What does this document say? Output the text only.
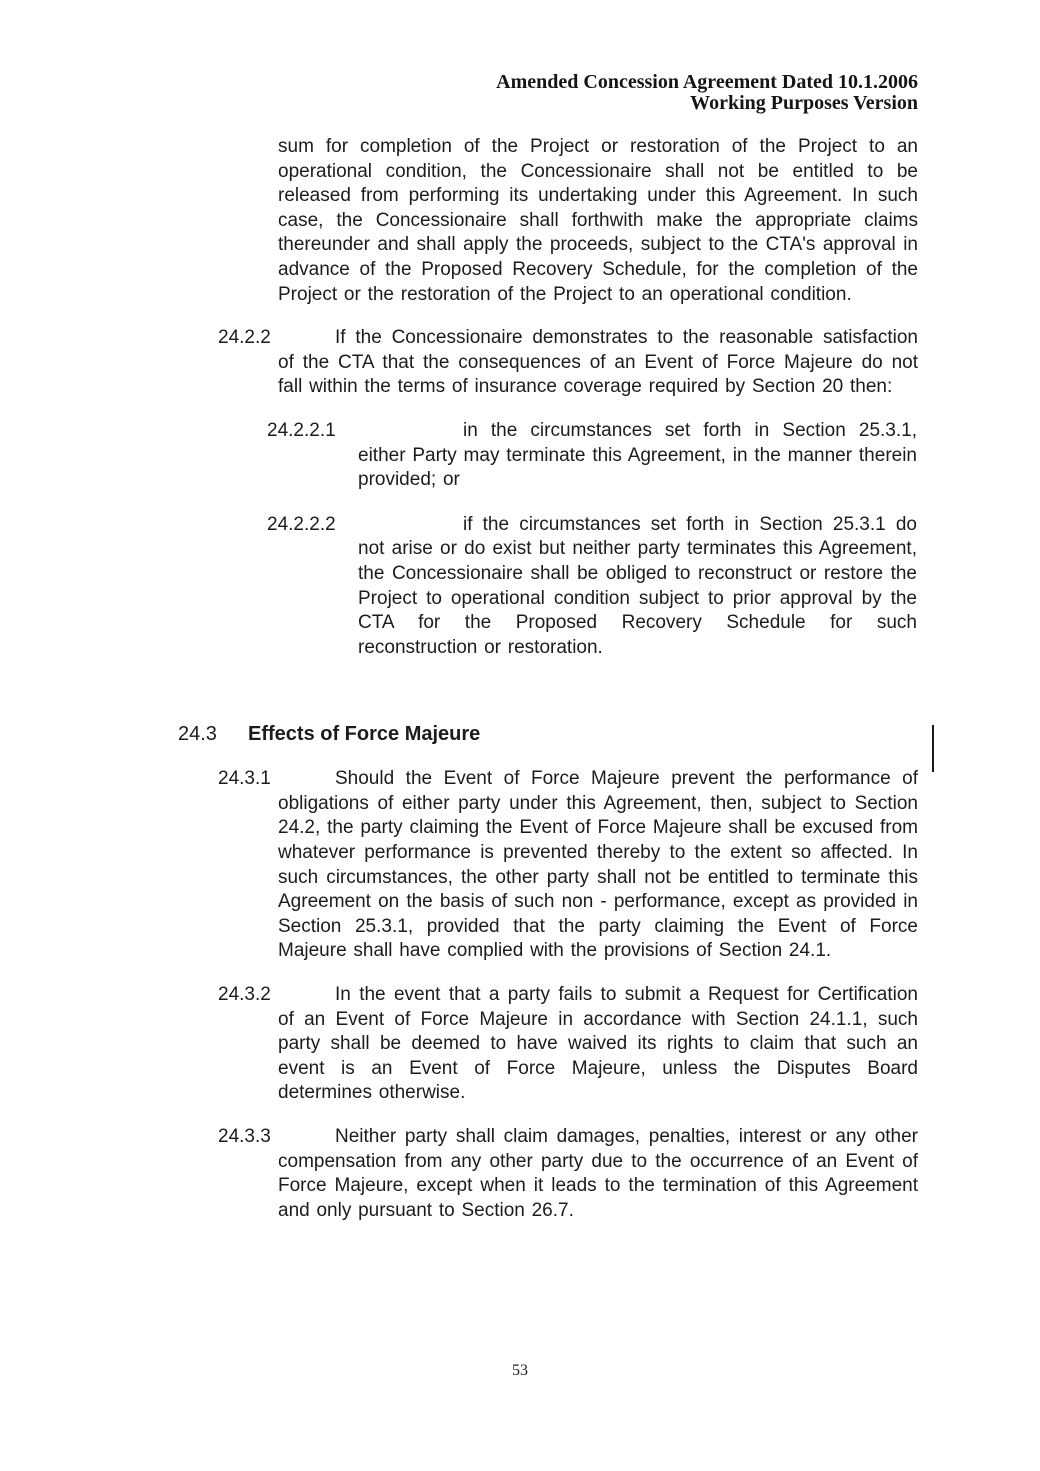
Amended Concession Agreement Dated 10.1.2006
Working Purposes Version

sum for completion of the Project or restoration of the Project to an operational condition, the Concessionaire shall not be entitled to be released from performing its undertaking under this Agreement. In such case, the Concessionaire shall forthwith make the appropriate claims thereunder and shall apply the proceeds, subject to the CTA's approval in advance of the Proposed Recovery Schedule, for the completion of the Project or the restoration of the Project to an operational condition.

24.2.2	If the Concessionaire demonstrates to the reasonable satisfaction of the CTA that the consequences of an Event of Force Majeure do not fall within the terms of insurance coverage required by Section 20 then:

24.2.2.1	in the circumstances set forth in Section 25.3.1, either Party may terminate this Agreement, in the manner therein provided; or

24.2.2.2	if the circumstances set forth in Section 25.3.1 do not arise or do exist but neither party terminates this Agreement, the Concessionaire shall be obliged to reconstruct or restore the Project to operational condition subject to prior approval by the CTA for the Proposed Recovery Schedule for such reconstruction or restoration.

24.3 Effects of Force Majeure

24.3.1	Should the Event of Force Majeure prevent the performance of obligations of either party under this Agreement, then, subject to Section 24.2, the party claiming the Event of Force Majeure shall be excused from whatever performance is prevented thereby to the extent so affected. In such circumstances, the other party shall not be entitled to terminate this Agreement on the basis of such non - performance, except as provided in Section 25.3.1, provided that the party claiming the Event of Force Majeure shall have complied with the provisions of Section 24.1.

24.3.2	In the event that a party fails to submit a Request for Certification of an Event of Force Majeure in accordance with Section 24.1.1, such party shall be deemed to have waived its rights to claim that such an event is an Event of Force Majeure, unless the Disputes Board determines otherwise.

24.3.3	Neither party shall claim damages, penalties, interest or any other compensation from any other party due to the occurrence of an Event of Force Majeure, except when it leads to the termination of this Agreement and only pursuant to Section 26.7.

53
